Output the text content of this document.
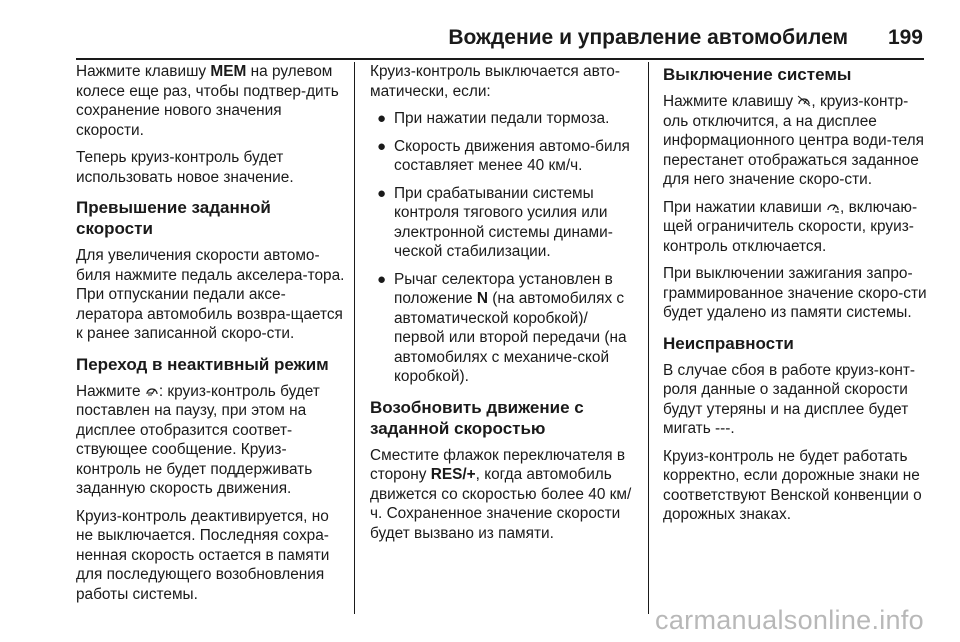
Вождение и управление автомобилем 199

Нажмите клавишу MEM на рулевом колесе еще раз, чтобы подтвер-дить сохранение нового значения скорости.

Теперь круиз-контроль будет использовать новое значение.

Превышение заданной скорости

Для увеличения скорости автомо-биля нажмите педаль акселера-тора. При отпускании педали аксе-лератора автомобиль возвра-щается к ранее записанной скоро-сти.

Переход в неактивный режим

Нажмите : круиз-контроль будет поставлен на паузу, при этом на дисплее отобразится соответ-ствующее сообщение. Круиз-контроль не будет поддерживать заданную скорость движения.

Круиз-контроль деактивируется, но не выключается. Последняя сохра-ненная скорость остается в памяти для последующего возобновления работы системы.

Круиз-контроль выключается авто-матически, если:

● При нажатии педали тормоза.
● Скорость движения автомо-биля составляет менее 40 км/ч.
● При срабатывании системы контроля тягового усилия или электронной системы динами-ческой стабилизации.
● Рычаг селектора установлен в положение N (на автомобилях с автоматической коробкой)/ первой или второй передачи (на автомобилях с механиче-ской коробкой).
Возобновить движение с заданной скоростью

Сместите флажок переключателя в сторону RES/+, когда автомобиль движется со скоростью более 40 км/ч. Сохраненное значение скорости будет вызвано из памяти.

Выключение системы

Нажмите клавишу , круиз-контр-оль отключится, а на дисплее информационного центра води-теля перестанет отображаться заданное для него значение скоро-сти.

При нажатии клавиши , включаю-щей ограничитель скорости, круиз-контроль отключается.

При выключении зажигания запро-граммированное значение скоро-сти будет удалено из памяти системы.

Неисправности

В случае сбоя в работе круиз-конт-роля данные о заданной скорости будут утеряны и на дисплее будет мигать ---.

Круиз-контроль не будет работать корректно, если дорожные знаки не соответствуют Венской конвенции о дорожных знаках.

carmanualsonline.info
